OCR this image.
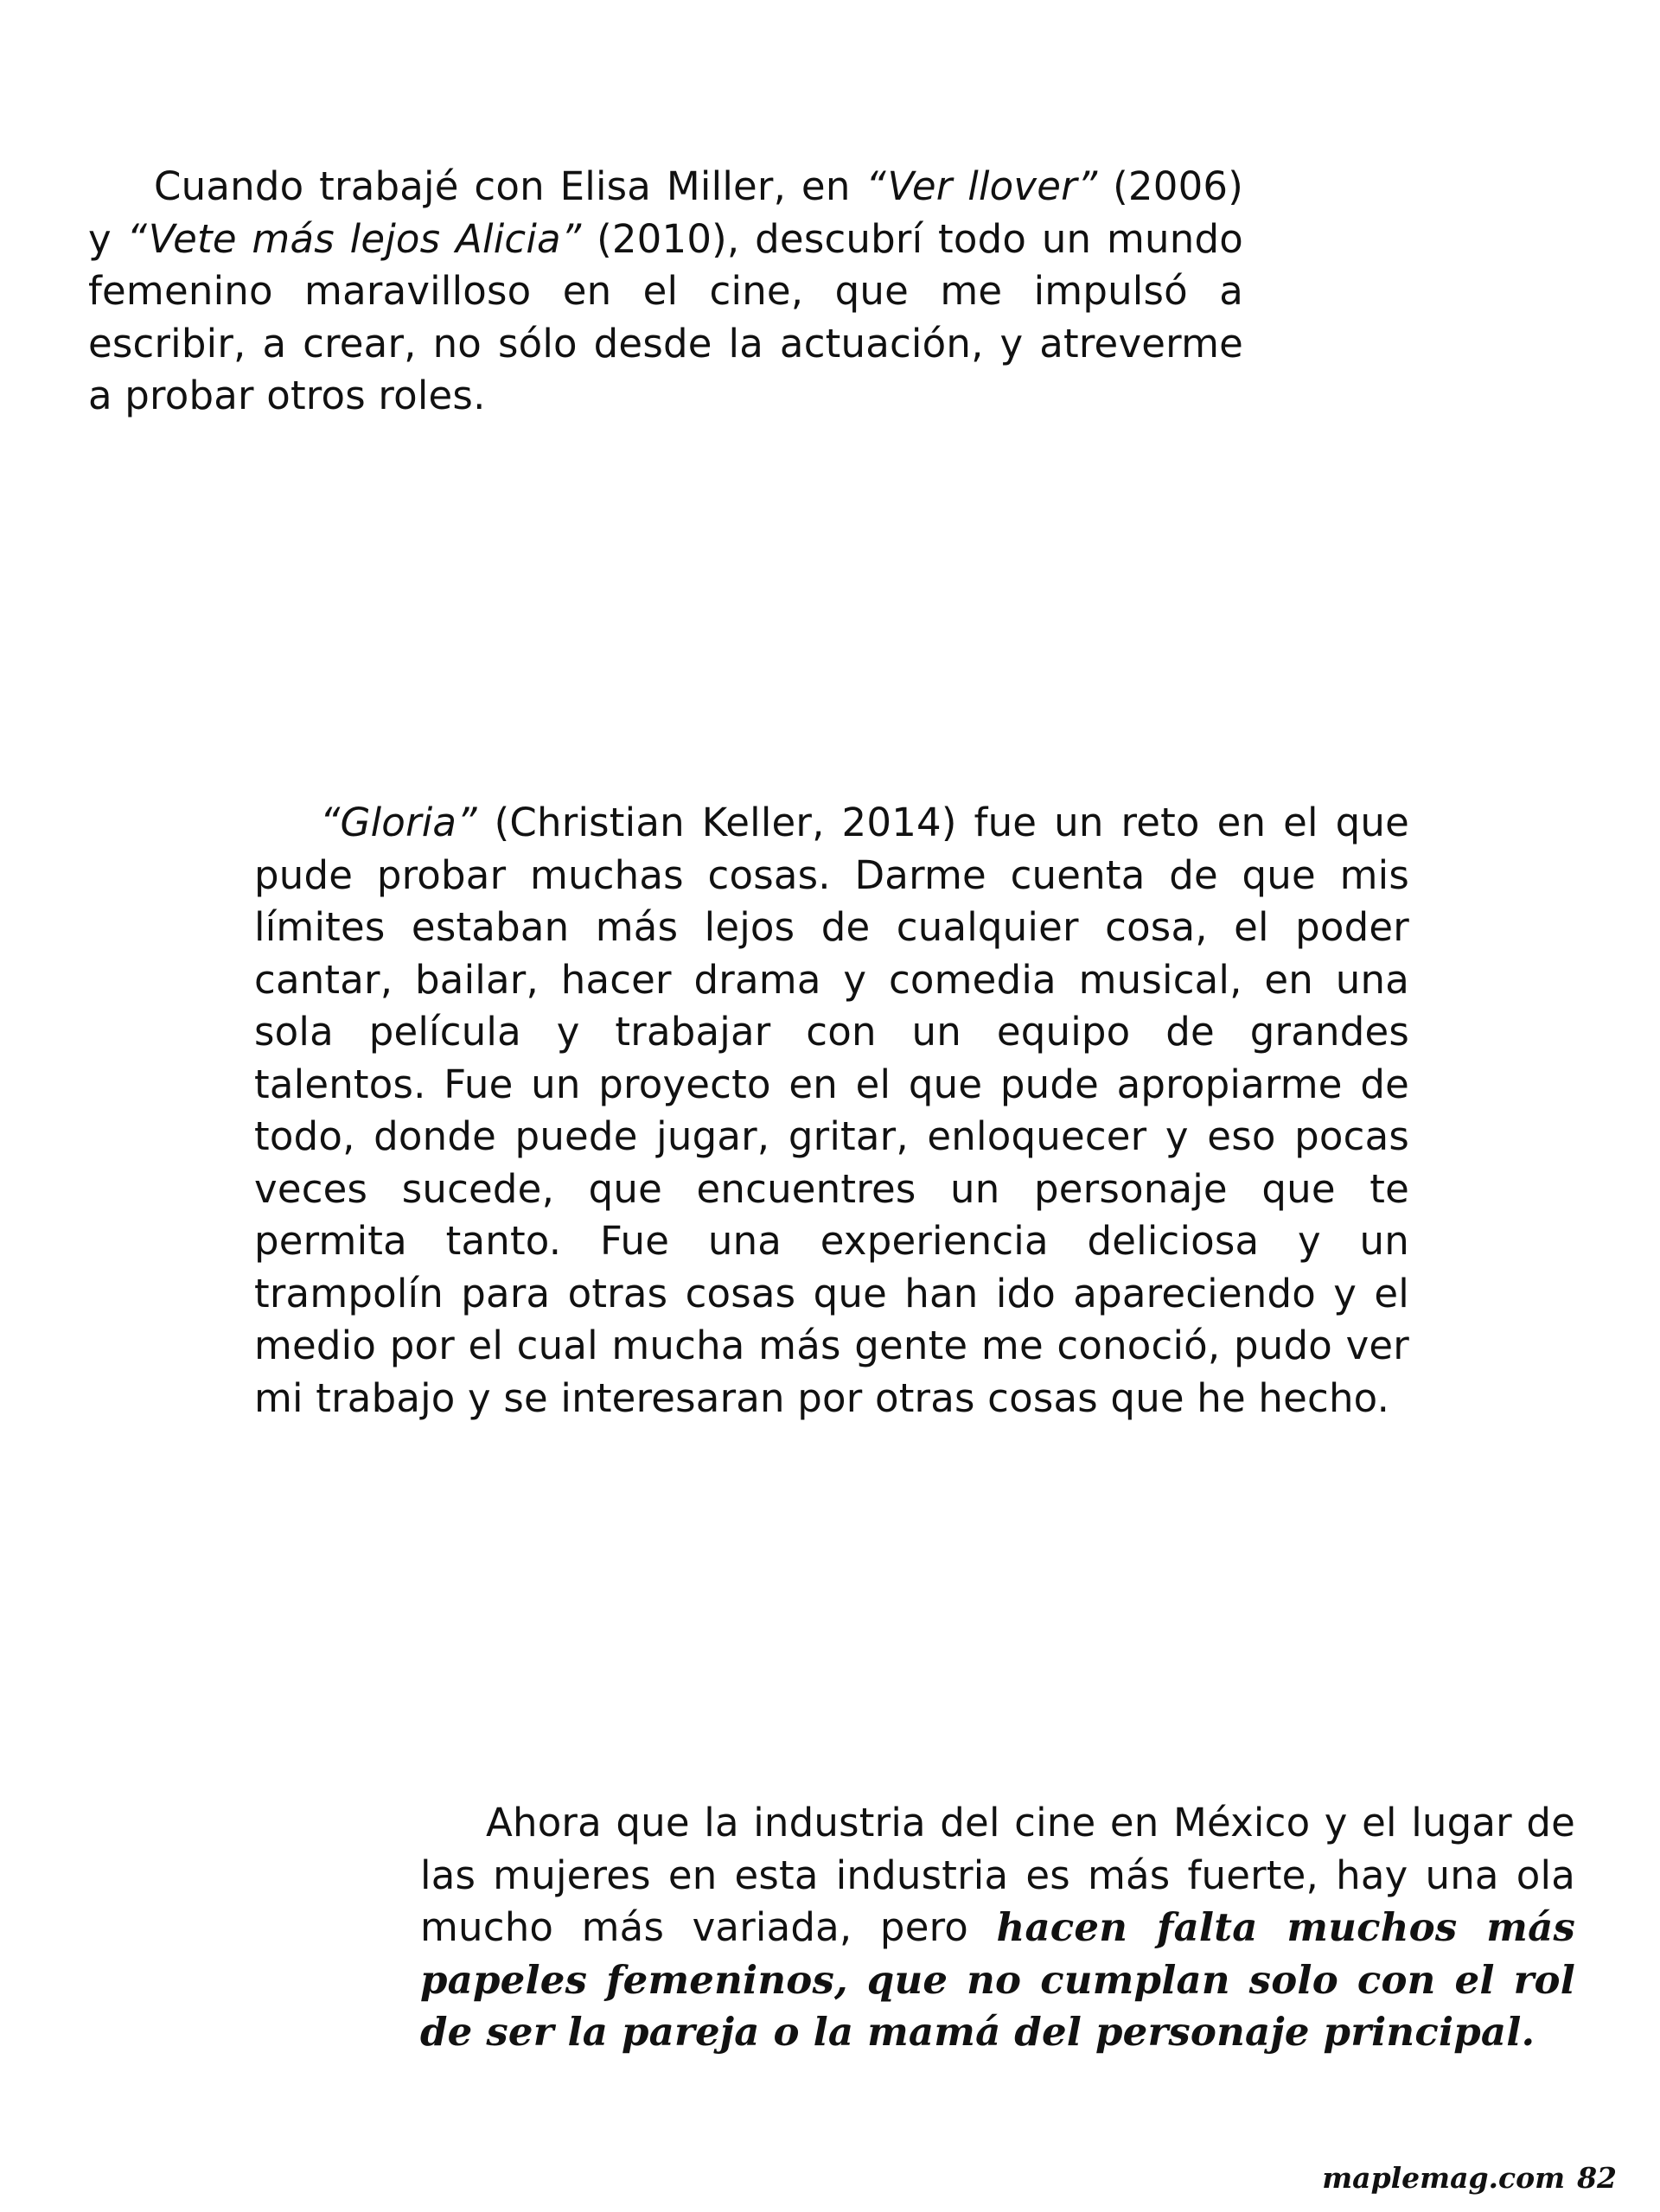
Cuando trabajé con Elisa Miller, en “Ver llover” (2006) y “Vete más lejos Alicia” (2010), descubrí todo un mundo femenino maravilloso en el cine, que me impulsó a escribir, a crear, no sólo desde la actuación, y atreverme a probar otros roles.

“Gloria” (Christian Keller, 2014) fue un reto en el que pude probar muchas cosas. Darme cuenta de que mis límites estaban más lejos de cualquier cosa, el poder cantar, bailar, hacer drama y comedia musical, en una sola película y trabajar con un equipo de grandes talentos. Fue un proyecto en el que pude apropiarme de todo, donde puede jugar, gritar, enloquecer y eso pocas veces sucede, que encuentres un personaje que te permita tanto. Fue una experiencia deliciosa y un trampolín para otras cosas que han ido apareciendo y el medio por el cual mucha más gente me conoció, pudo ver mi trabajo y se interesaran por otras cosas que he hecho.

Ahora que la industria del cine en México y el lugar de las mujeres en esta industria es más fuerte, hay una ola mucho más variada, pero hacen falta muchos más papeles femeninos, que no cumplan solo con el rol de ser la pareja o la mamá del personaje principal.

maplemag.com 82
